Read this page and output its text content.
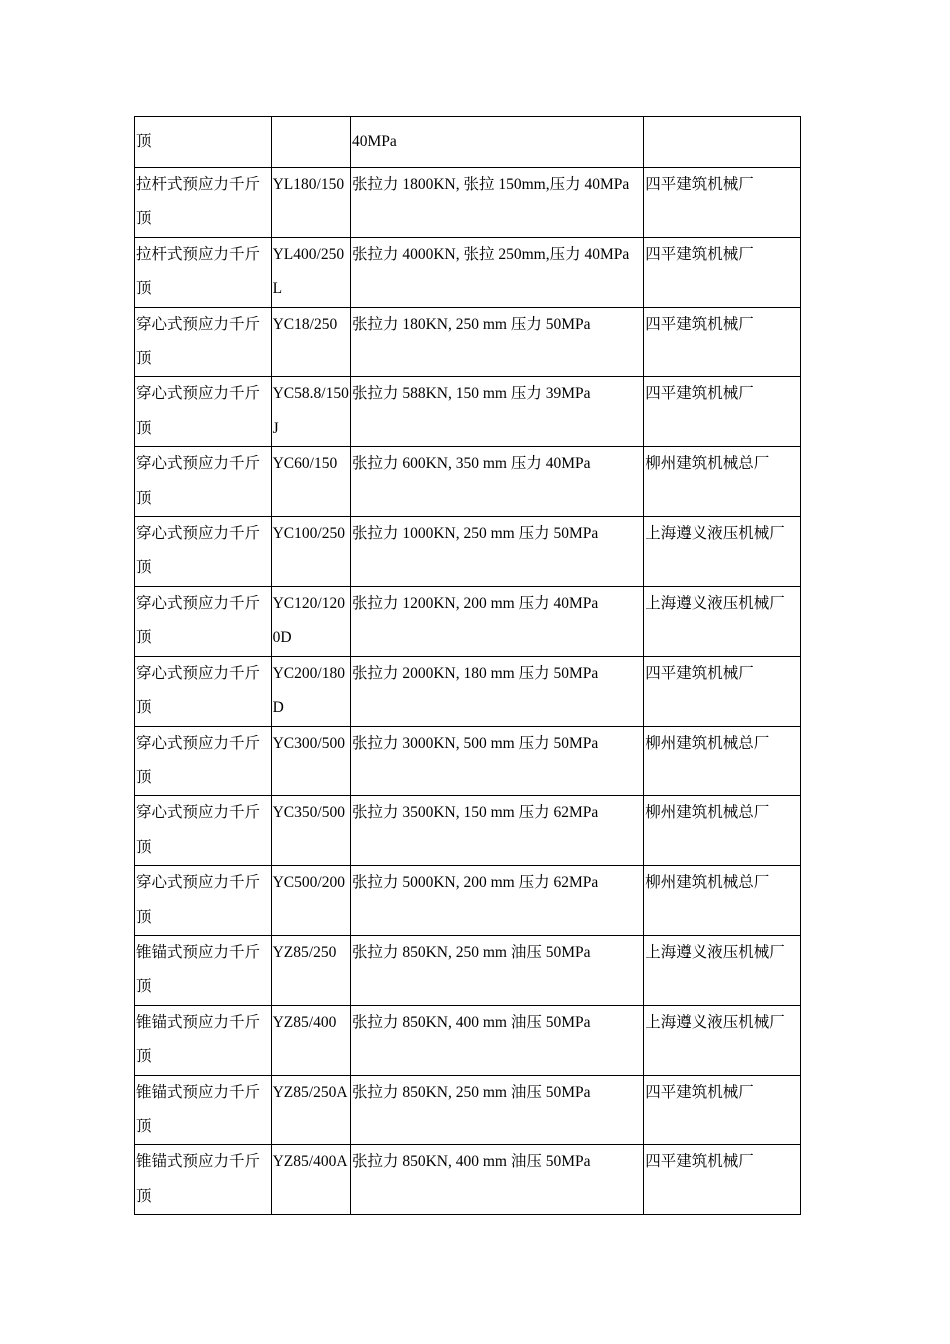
顶		40MPa	
拉杆式预应力千斤顶	YL180/150	张拉力 1800KN, 张拉 150mm,压力 40MPa	四平建筑机械厂
拉杆式预应力千斤顶	YL400/250L	张拉力 4000KN, 张拉 250mm,压力 40MPa	四平建筑机械厂
穿心式预应力千斤顶	YC18/250	张拉力 180KN, 250 mm 压力 50MPa	四平建筑机械厂
穿心式预应力千斤顶	YC58.8/150J	张拉力 588KN, 150 mm 压力 39MPa	四平建筑机械厂
穿心式预应力千斤顶	YC60/150	张拉力 600KN, 350 mm 压力 40MPa	柳州建筑机械总厂
穿心式预应力千斤顶	YC100/250	张拉力 1000KN, 250 mm 压力 50MPa	上海遵义液压机械厂
穿心式预应力千斤顶	YC120/1200D	张拉力 1200KN, 200 mm 压力 40MPa	上海遵义液压机械厂
穿心式预应力千斤顶	YC200/180D	张拉力 2000KN, 180 mm 压力 50MPa	四平建筑机械厂
穿心式预应力千斤顶	YC300/500	张拉力 3000KN, 500 mm 压力 50MPa	柳州建筑机械总厂
穿心式预应力千斤顶	YC350/500	张拉力 3500KN, 150 mm 压力 62MPa	柳州建筑机械总厂
穿心式预应力千斤顶	YC500/200	张拉力 5000KN, 200 mm 压力 62MPa	柳州建筑机械总厂
锥锚式预应力千斤顶	YZ85/250	张拉力 850KN, 250 mm 油压 50MPa	上海遵义液压机械厂
锥锚式预应力千斤顶	YZ85/400	张拉力 850KN, 400 mm 油压 50MPa	上海遵义液压机械厂
锥锚式预应力千斤顶	YZ85/250A	张拉力 850KN, 250 mm 油压 50MPa	四平建筑机械厂
锥锚式预应力千斤顶	YZ85/400A	张拉力 850KN, 400 mm 油压 50MPa	四平建筑机械厂
